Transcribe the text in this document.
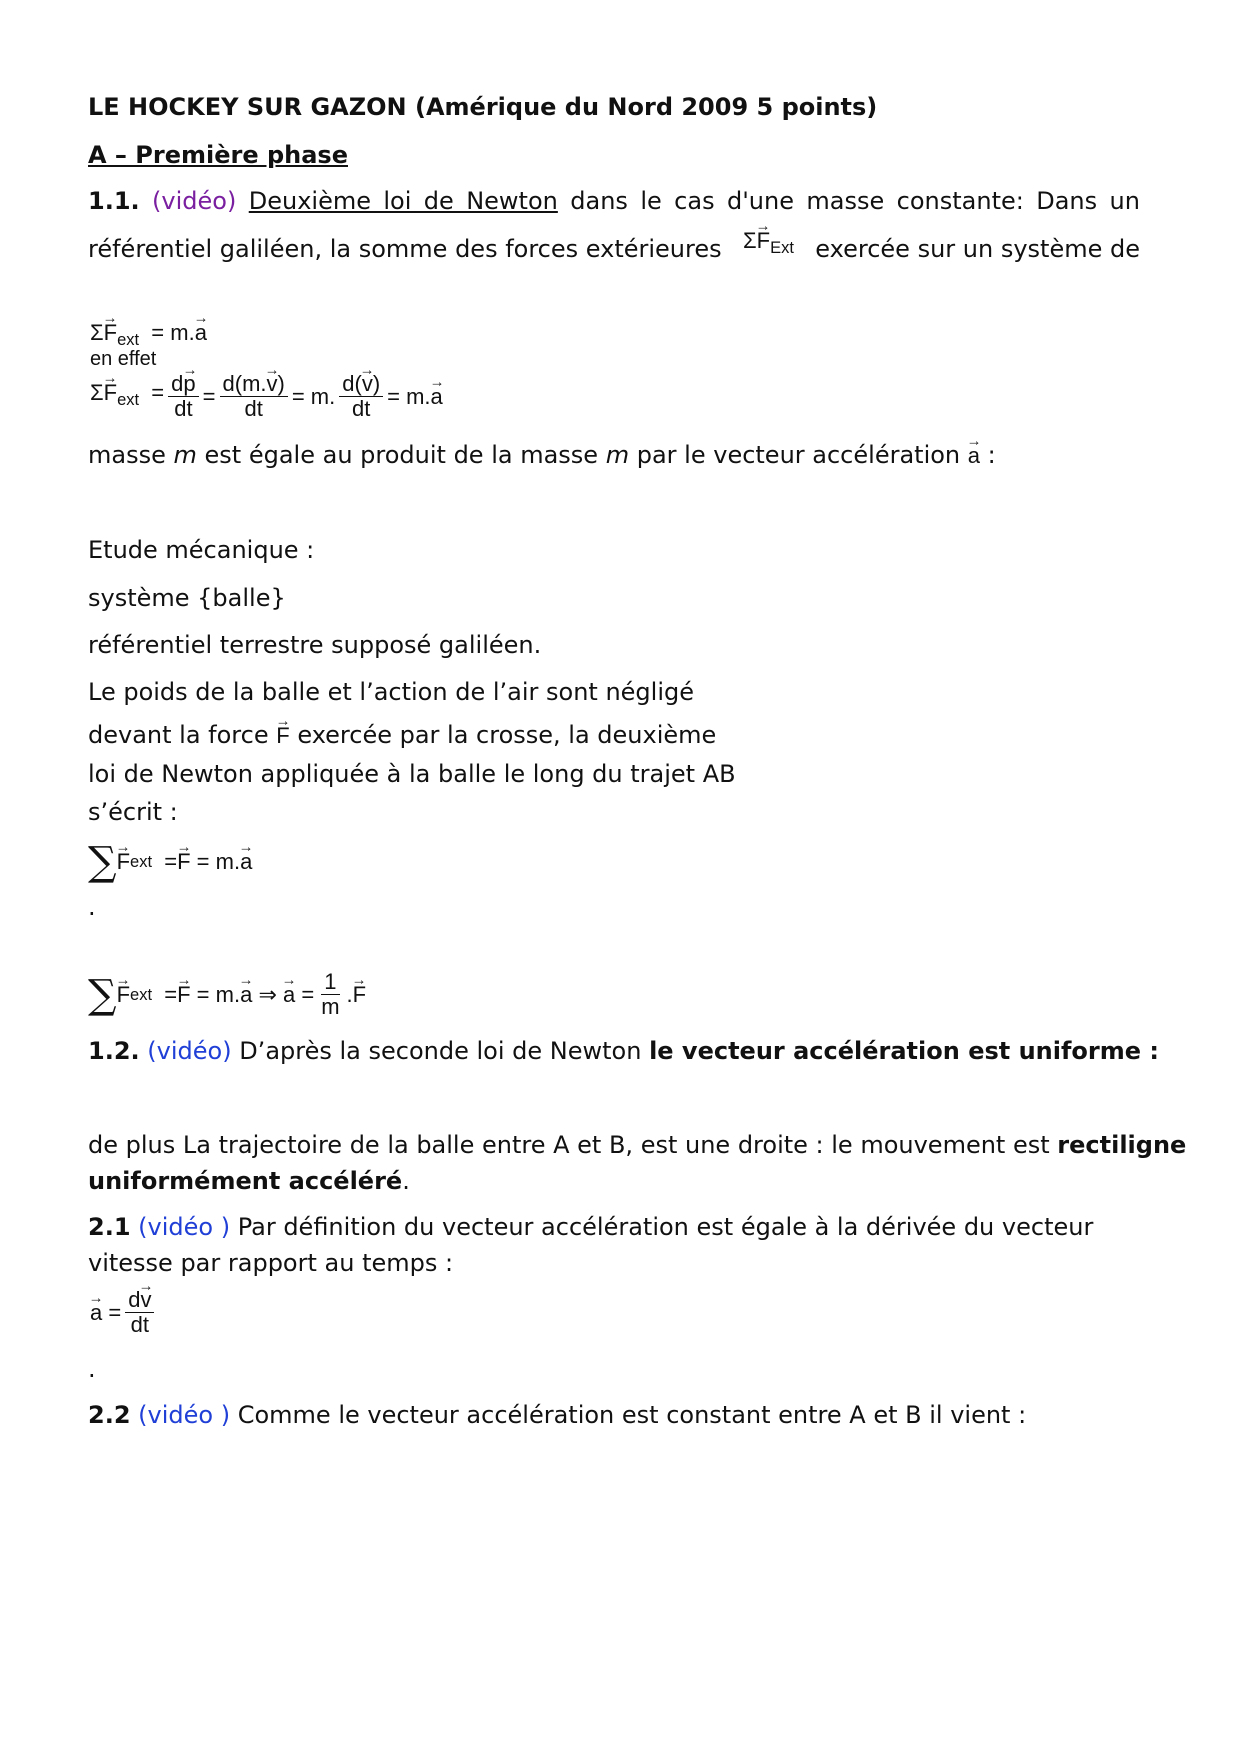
LE HOCKEY SUR GAZON (Amérique du Nord 2009 5 points)
A – Première phase
1.1. (vidéo) Deuxième loi de Newton dans le cas d'une masse constante: Dans un
référentiel galiléen, la somme des forces extérieures $\Sigma\to F_{Ext}$ exercée sur un système de
$\Sigma\to F_{ext} = m.\to a$
en effet
$\Sigma\to F_{ext} = \frac{d\to p}{dt} = \frac{d(m.\to v)}{dt} = m$. $\frac{d(\to v)}{dt} = m.\to a$
masse m est égale au produit de la masse m par le vecteur accélération → a :
Etude mécanique :
système {balle}
référentiel terrestre supposé galiléen.
Le poids de la balle et l’action de l’air sont négligé
devant la force → F exercée par la crosse, la deuxième
loi de Newton appliquée à la balle le long du trajet AB
s’écrit :
∑ → F ext = → F = m. → a
.
∑ → F ext = → F = m. → a ⇒ → $a = \frac{1}{m}$ . → F
1.2. (vidéo) D’après la seconde loi de Newton le vecteur accélération est uniforme :
de plus La trajectoire de la balle entre A et B, est une droite : le mouvement est rectiligne
uniformément accéléré.
2.1 (vidéo ) Par définition du vecteur accélération est égale à la dérivée du vecteur
vitesse par rapport au temps :
→ $a = \frac{d\to v}{dt}$
.
2.2 (vidéo ) Comme le vecteur accélération est constant entre A et B il vient :
